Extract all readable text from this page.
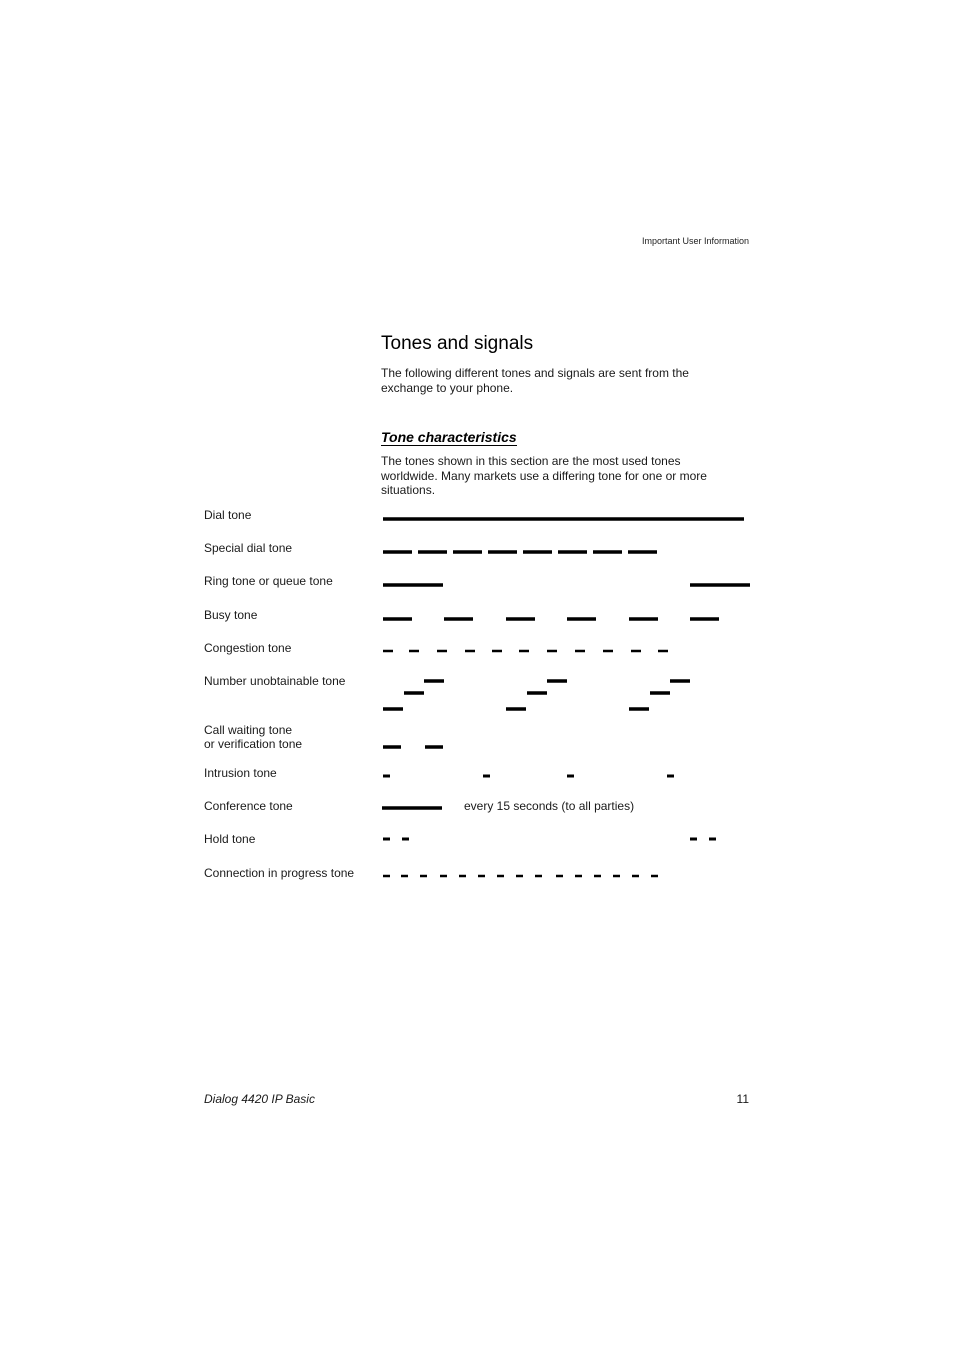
Important User Information
Tones and signals

The following different tones and signals are sent from the exchange to your phone.

Tone characteristics

The tones shown in this section are the most used tones worldwide. Many markets use a differing tone for one or more situations.

Dial tone
Special dial tone
Ring tone or queue tone
Busy tone
Congestion tone
Number unobtainable tone
Call waiting tone
or verification tone
Intrusion tone
Conference tone
Hold tone
Connection in progress tone
every 15 seconds (to all parties)
Dialog 4420 IP Basic	11
